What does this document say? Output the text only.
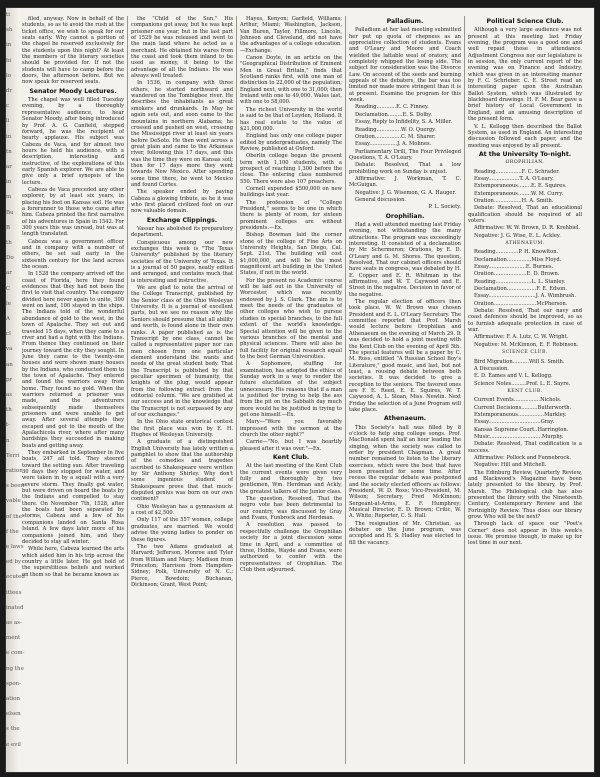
ti
sh
in
hi
lo
dr
c
li
in
tn
ar
in
m
Bu
B
th
Do
ar
C
le
A
cl
va
an
pr
as
th
t-
n
Terri
ration
s been
vable
of the
f the
e laws
ed by
ecuted
ittees
inated
as as-
ment
e com-
ng the
spon-
ation
elsen
s the
e evil

filed, anyway. Now in behalf of the students, so as to avoid the rush at the ticket office, we wish to speak for our seats early. Why cannot a portion of the chapel be reserved exclusively for the students upon this night? At least the members of the literary societies should be provided for. If not the students will have to camp before the doors, the afternoon before. But we now speak for reserved seats.

Senator Moody Lectures.

The chapel was well filled Tuesday evening, by a thoroughly representative audience, to hear Senator Moody, after being introduced by Prof. A. G. Canfield, stepped forward, he was the recipient of hearty applause. His subject was Cabeza de Vaca, and for almost two hours he held his audience, with a description, interesting and instructive, of the explorations of this early Spanish explorer. We are able to give only a brief synopsis of the lecture.

Cabeza de Vaca preceded any other explorer, by at least six years, in placing his foot on Kansas soil. He was a forerunner to those who came after him. Cabeza printed the first narrative of his adventures in Spain in 1542. For 300 years this was unread, but was at length translated.

Cabeza was a government officer and in company with a number of others, he set sail early in the sixteenth century for the land across the ocean.

In 1528 the company arrived off the coast of Florida, here they found evidences that they had not been the first to visit that country. The company divided here never again to unite, 300 went on land, 100 stayed in the ships. The Indians told of the wonderful abundance of gold to the west, in the town of Apalache. They set out and traveled 15 days, when they came to a river and had a fight with the Indians. From thence they continued on their journey toward the city they sought. In June they came to the twenty-one houses and were shown many houses by the Indians, who conducted them to the town of Apalache. They entered and found the warriors away from home. They found no gold. When the warriors returned a prisoner was made, and the adventurers subsequently made themselves prisoners and were unable to get away. After several attempts they escaped and got to the mouth of the Apalachicola river, where after many hardships they succeeded in making boats and getting away.

They embarked in September in five boats, 247 all told. They steered toward the setting sun. After traveling 30 days they stopped for water, and were taken in by a squall with a very severe storm. They finally got water, but were driven on board the boats by the Indians and compelled to stay there. On November 7th, 1528, after the boats had been separated by storms, Cabeza and a few of his companions landed on Santa Rosa Island. A few days later more of his companions joined him, and they decided to stay all winter.

While here, Cabeza learned the arts which aided him in his trip across the country a little later. He got hold of the superstitious beliefs and worked on them so that he became known as

the "Child of the Sun." His companions got away, but he was kept prisoner one year, but in the last part of 1529 he was released and went to the main land where he acted as a merchant. He obtained his wares from the coast and took them inland to be used as money, it being to the advantage of all the Indians. He was always well treated.

In 1536, in company with three others, he started northward and wandered on the Tombigbee river. He describes the inhabitants as great smokers and drunkards. In May he again sets out, and soon came to the mountains in northern Alabama; he crossed and pushed on west, crossing the Mississippi river at least six years before DeSoto. He then went across a great plain and came to the Arkansas river, following this 17 days, and this was the time they were on Kansas soil; then for 17 days more they went towards New Mexico. After spending some time there, he went to Mexico and found Cortes.

The speaker ended by paying Cabeza a glowing tribute, as he it was who first placed civilized foot on our now valuable domain.

Exchange Clippings.

Vassar has abolished its preparatory department.

Conspicuous among our new exchanges this week is "The Texas University" published by the literary societies of the University of Texas. It is a journal of 50 pages, neatly edited and arranged, and contains much that is interesting and instructive.

We are glad to note the arrival of the College Transcript, published by the Senior class of the Ohio Wesleyan University. It is a journal of excellent parts, but we see no reason why the Seniors should presume that all ability and worth, is found alone in their own ranks. A paper published as is the Transcript by one class, cannot be called a representative paper nor can men chosen from one particular element understand the wants and needs of the great student body. That the Transcript is published by that peculiar specimen of humanity, the knights of the plug, would appear from the following extract from the editorial column. "We are gratified at our success and in the knowledge that the Transcript is not surpassed by any of our exchanges."

In the Ohio state oratorical contest the first place was won by E. H. Hughes of Wesleyan University.

A graduate of a distinguished English University has lately written a pamphlet to show that the authorship of the comedies and tragedies ascribed to Shakespeare were written by Sir Anthony Shirley. Why don't some ingenious student of Shakespeare prove that that much-disputed genius was born on our own continent?

Ohio Wesleyan has a gymnasium at a cost of $2,500.

Only 117 of the 557 women, college graduates, are married. We would advise the young ladies to ponder on these figures.

The two Adams graduated at Harvard; Jefferson, Monroe and Tyler from William and Mary; Madison from Princeton; Harrison from Hampden-Sidney; Polk, University of N. C.; Pierce, Bowdoin; Buchanan, Dickinson; Grant, West Point;

Hayes, Kenyon; Garfield, Williams; Arthur, Miami; Washington, Jackson, Van Buren, Taylor, Fillmore, Lincoln, Johnson and Cleveland, did not have the advantages of a college education.—Exchange.

Canon Doyle, in an article on the "Geographical Distribution of Eminent Men in Great Britain," finds that Scotland ranks first, with one man of distinction to 22,000 of the population; England next, with one to 31,000; then Ireland with one to 49,000. Wales last, with one to 58,000.

The richest University in the world is said to be that of Leyden, Holland. It has real estate to the value of $21,000,000.

England has only one college paper edited by undergraduates, namely The Review, published at Oxford.

Oberlin college began the present term with 1,100 students, with a prospect of reaching 1,300 before the close. The entering class numbered 550. There were also 107 preachers.

Cornell expended $500,000 on new buildings last year.

The profession of "College President," seems to be one in which there is plenty of room, for sixteen prominent colleges are without presidents.—Ex.

Bishop Bowman laid the corner stone of the college of Fine Arts on University Heights, San Diego, Cal. Sept. 21st. The building will cost $1,000,000, and will be the most magnificent art building in the United States, if not in the world.

For the present no Academic course will be laid out in the University of Worcester, which was recently endowed by J. S. Clark. The aim is to meet the needs of the graduates of other colleges who wish to pursue studies in special branches, to the full extent of the world's knowledge. Special attention will be given to the various branches of the mental and physical sciences. There will also be full facility for original research equal to the best German Universities.

A Sophomore, stuffing for examination, has adopted the ethics of Sunday work in a way to render the future elucidation of the subject unnecessary. His reasons that if a man is justified for trying to help the ass from the pit on the Sabbath day much more would he be justified in trying to get one himself.—Ex.

Mary—"Were you favorably impressed with the sermon at the church the other night?"

Carrie—"No, but I was heartily pleased after it was over."—Ex.

Kent Club.

At the last meeting of the Kent Club the current events were given very fully and thoroughly by two gentlemen, Wm. Herdman and Ackly, the greatest talkers of the Junior class.

The question, Resolved, That the negro vote has been detrimental to our country, was discussed by Gray and Evans, Funbrock and Herdman.

A resolution was passed to respectfully challenge the Orophilian society for a joint discussion some time in April, and a committee of three, Hobbs, Wayde and Evans, were authorized to confer with the representatives of Orophilian. The Club then adjourned.

Palladium.

Palladium at her last meeting submitted her put up quota of chepness as an appreciative collection of students. Evans and O'Leary and Moore and Coach wielded the lattable weal of oratory, and completely whipped the losing side. The subject for consideration was the Divorce Law. On account of the seeds and burning appeals of the debaters, the bar was too limited nor made more stringent than it is at present. Examine the program for this week.

Reading............E. C. Finney.

Declamation.........E. S. Dolby.

Essay, Reply to Infidelity, S. A. Miller.

Reading...............W. O. Quergy.

Oration................C. M. Sharer.

Essay.................J. A. Mohnes.

Parliamentary Drill, The Four Privileged Questions, T. A. O'Leary.

Debate: Resolved, That a low prohibiting work on Sunday is unjust.

Affirmative: J. Workman, T. C. McGuigan.

Negative: J. G. Wisemon, G. A. Hauger.

General discussion.

P. L. Society.

Orophilian.

Had a well attended meeting last Friday evening, not withstanding the many attractions. The program was exceedingly interesting. It consisted of a declamation by Mr. Schermeron; Orations, by E. D. O'Leary and G. M. Shores. The question, Resolved, That our cabinet officers should have seats in congress, was debated by H. E. Copper and E. R. Whitman in the affirmative, and W. T. Caywood and E. Street in the negative. Decision in favor of the negative.

The regular election of officers then took place. W. W. Brown was chosen President and E. L. O'Leary Secretary. The committee reported that Prof. Marsh would lecture before Orophilian and Athenaeum on the evening of March 29. It was decided to hold a joint meeting with the Kent Club on the evening of April 5th. The special features will be a paper by C. M. Ross, entitled "A Russian School Boy's Literature," good music, and last, but not least, a rousing debate between both societies. It was decided to give a reception to the seniors. The favored ones are F. E. Reed, E. E. Squires, W. T. Caywood, A. L. Sloan, Miss. Newlin. Next Friday the selection of a June Program will take place.

Athenaeum.

This Society's hall was filled by 8 o'clock to help sing college songs. Prof. MacDonald spent half an hour leading the singing, when the society was called to order by president Chapman. A great number remained to listen to the literary exercises, which were the best that have been presented for some time. After recess the regular debate was postponed and the society elected officers as follows: President, W. D. Ross; Vice-President, M. Wilson; Secretary, Fred McKinnon; Sergeant-at-Arms, E. F. Humphrey; Musical Director, E. D. Brown; Critic, W. A. White; Reporter, C. S. Hall.

The resignation of Mr. Christian, as debater on the June program, was accepted and H. S. Hadley was elected to fill the vacancy.

Political Science Club.

Although a very large audience was not present at this meeting last Friday evening, the program was a good one and well repaid those in attendance. Adjustment Congress nor our legislature is in session, the only current report of the evening was on Finance and Industry, which was given in an interesting manner by F. C. Schrieber. C. E. Street read an interesting paper upon the Australian Ballot System, which was illustrated by blackboard drawings. H. F. M. Bear gave a brief history of Local Government in England, and an amusing description of the present form.

V. L. Kellogg then described the Ballot System, as used in England. An interesting discussion followed each paper, and the meeting was enjoyed by all present.

At the University To-night.

OROPHILIAN.

Reading................F. C. Schrader.

Essay...................T. A. O'Leary.

Extemporaneous........E. E. Squires.

Extemporaneous........W. M. Curry.

Oration.................H. A. Smith.

Debate: Resolved, That an educational qualification should be required of all voters.

Affirmative: W. W. Brown, D. R. Krehbiel.

Negative: J. G. Wise, E. L. Ackley.

ATHENAEUM.

Reading..............P. H. Knowlton.

Declamation...............Miss Floyd.

Essay.......................E. Burnes.

Oration....................E. D. Brown.

Reading......................L. L. Stanley.

Declamation..................F. E. Edson.

Essay.............................J. A. Wimbrush.

Oration..........................McPherson.

Debate: Resolved, That our navy and coast defences should be improved, so as to furnish adequate protection in case of war.

Affirmative: F. A. Lutz, C. W. Wright.

Negative: M. McKinnon, E. F. Robinson.

SCIENCE CLUB.

Bird Migration..........Will S. Smith.

A Discussion.

E. D. Eames and V. L. Kellogg.

Science Notes.........Prof. L. E. Sayre.

KENT CLUB.

Current Events................Nichols.

Current Decisions..........Butterworth.

Extemporaneous................Markley.

Essay................................Gray.

Kansas Supreme Court..Harrington.

Music................................Murphy.

Debate: Resolved, That codification is a success.

Affirmative: Pollock and Funnebrock.

Negative: Hill and Mitchell.

The Edinburg Review, Quarterly Review, and Blackwood's Magazine have been lately presented to the library, by Prof. Marsh. The Philological club has also presented the library with the Nineteenth Century, Contemporary Review and the Fortnightly Review. Thus does our library grow. Who will be the next?

Through lack of space our "Poet's Corner" does not appear in this week's issue. We promise though, to make up for lost time in our next.
